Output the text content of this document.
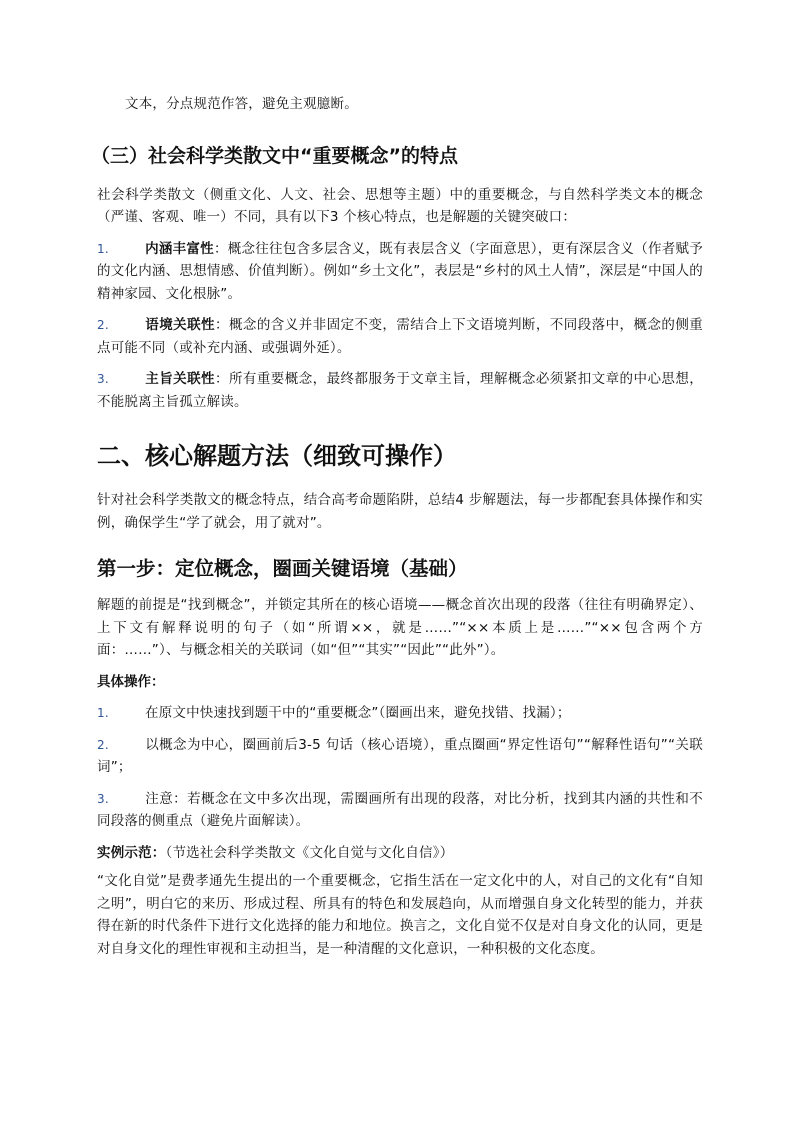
文本，分点规范作答，避免主观臆断。

（三）社会科学类散文中“重要概念”的特点

社会科学类散文（侧重文化、人文、社会、思想等主题）中的重要概念，与自然科学类文本的概念（严谨、客观、唯一）不同，具有以下3 个核心特点，也是解题的关键突破口：

1.	内涵丰富性：概念往往包含多层含义，既有表层含义（字面意思），更有深层含义（作者赋予的文化内涵、思想情感、价值判断）。例如“乡土文化”，表层是“乡村的风土人情”，深层是“中国人的精神家园、文化根脉”。

2.	语境关联性：概念的含义并非固定不变，需结合上下文语境判断，不同段落中，概念的侧重点可能不同（或补充内涵、或强调外延）。

3.	主旨关联性：所有重要概念，最终都服务于文章主旨，理解概念必须紧扣文章的中心思想，不能脱离主旨孤立解读。

二、核心解题方法（细致可操作）

针对社会科学类散文的概念特点，结合高考命题陷阱，总结4 步解题法，每一步都配套具体操作和实例，确保学生“学了就会，用了就对”。

第一步：定位概念，圈画关键语境（基础）

解题的前提是“找到概念”，并锁定其所在的核心语境——概念首次出现的段落（往往有明确界定）、上下文有解释说明的句子（如“所谓××，就是……”“××本质上是……”“××包含两个方面：……”）、与概念相关的关联词（如“但”“其实”“因此”“此外”）。

具体操作：

1.	在原文中快速找到题干中的“重要概念”（圈画出来，避免找错、找漏）；

2.	以概念为中心，圈画前后3-5 句话（核心语境），重点圈画“界定性语句”“解释性语句”“关联词”；

3.	注意：若概念在文中多次出现，需圈画所有出现的段落，对比分析，找到其内涵的共性和不同段落的侧重点（避免片面解读）。

实例示范：（节选社会科学类散文《文化自觉与文化自信》）

“文化自觉”是费孝通先生提出的一个重要概念，它指生活在一定文化中的人，对自己的文化有“自知之明”，明白它的来历、形成过程、所具有的特色和发展趋向，从而增强自身文化转型的能力，并获得在新的时代条件下进行文化选择的能力和地位。换言之，文化自觉不仅是对自身文化的认同，更是对自身文化的理性审视和主动担当，是一种清醒的文化意识，一种积极的文化态度。
